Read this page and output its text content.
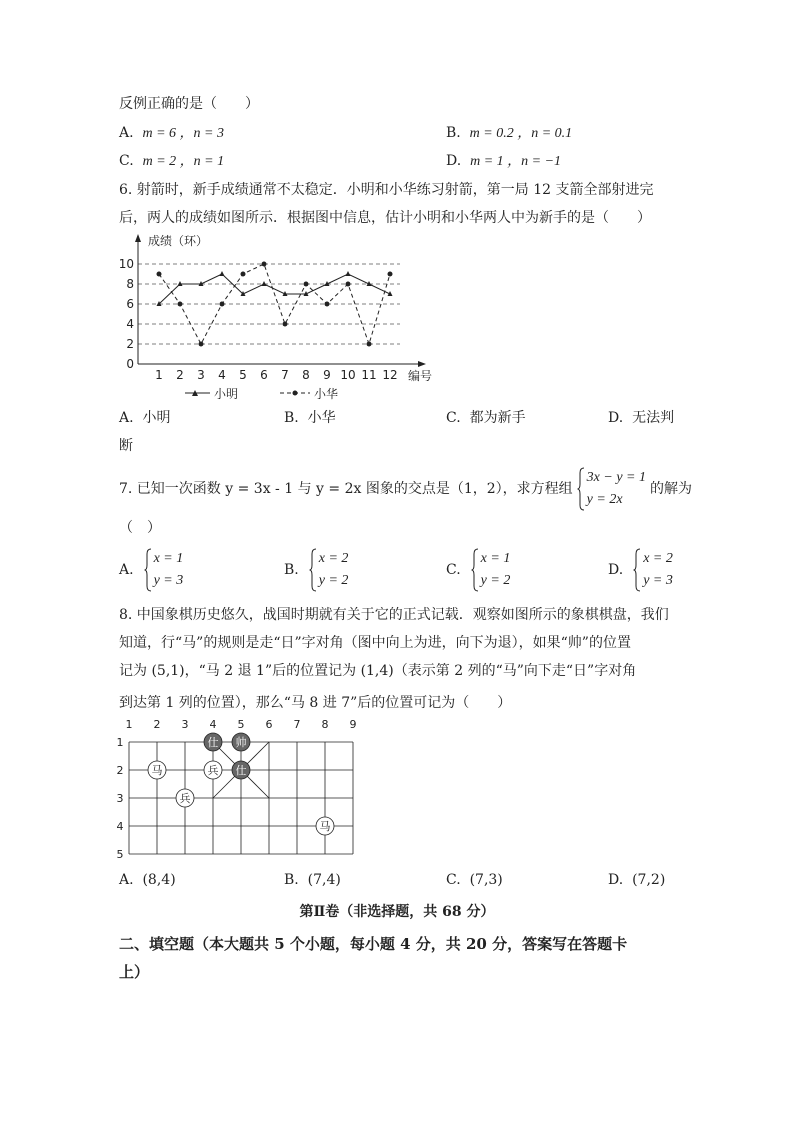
反例正确的是（　　）
A. m = 6 ，n = 3	B. m = 0.2 ，n = 0.1
C. m = 2 ，n = 1	D. m = 1 ，n = −1
6. 射箭时，新手成绩通常不太稳定．小明和小华练习射箭，第一局 12 支箭全部射进完
后，两人的成绩如图所示．根据图中信息，估计小明和小华两人中为新手的是（　　）
0
2
4
6
8
10
1 2 3 4 5 6 7 8 9 10 11 12
成绩（环）
编号
小明	小华
A. 小明	B. 小华	C. 都为新手	D. 无法判
断
7. 已知一次函数 y = 3x - 1 与 y = 2x 图象的交点是（1，2），求方程组
3x − y = 1
y = 2x
的解为
（　）
A.
x = 1
y = 3
B.
x = 2
y = 2
C.
x = 1
y = 2
D.
x = 2
y = 3
8. 中国象棋历史悠久，战国时期就有关于它的正式记载．观察如图所示的象棋棋盘，我们
知道，行“马”的规则是走“日”字对角（图中向上为进，向下为退），如果“帅”的位置
记为 (5,1)，“马 2 退 1”后的位置记为 (1,4)（表示第 2 列的“马”向下走“日”字对角
到达第 1 列的位置），那么“马 8 进 7”后的位置可记为（　　）
1 2 3 4 5 6 7 8 9
1
2
3
4
5
仕 帅
马	兵 仕
兵
马
A. (8,4)	B. (7,4)	C. (7,3)	D. (7,2)
第Ⅱ卷（非选择题，共 68 分）
二、填空题（本大题共 5 个小题，每小题 4 分，共 20 分，答案写在答题卡
上）
